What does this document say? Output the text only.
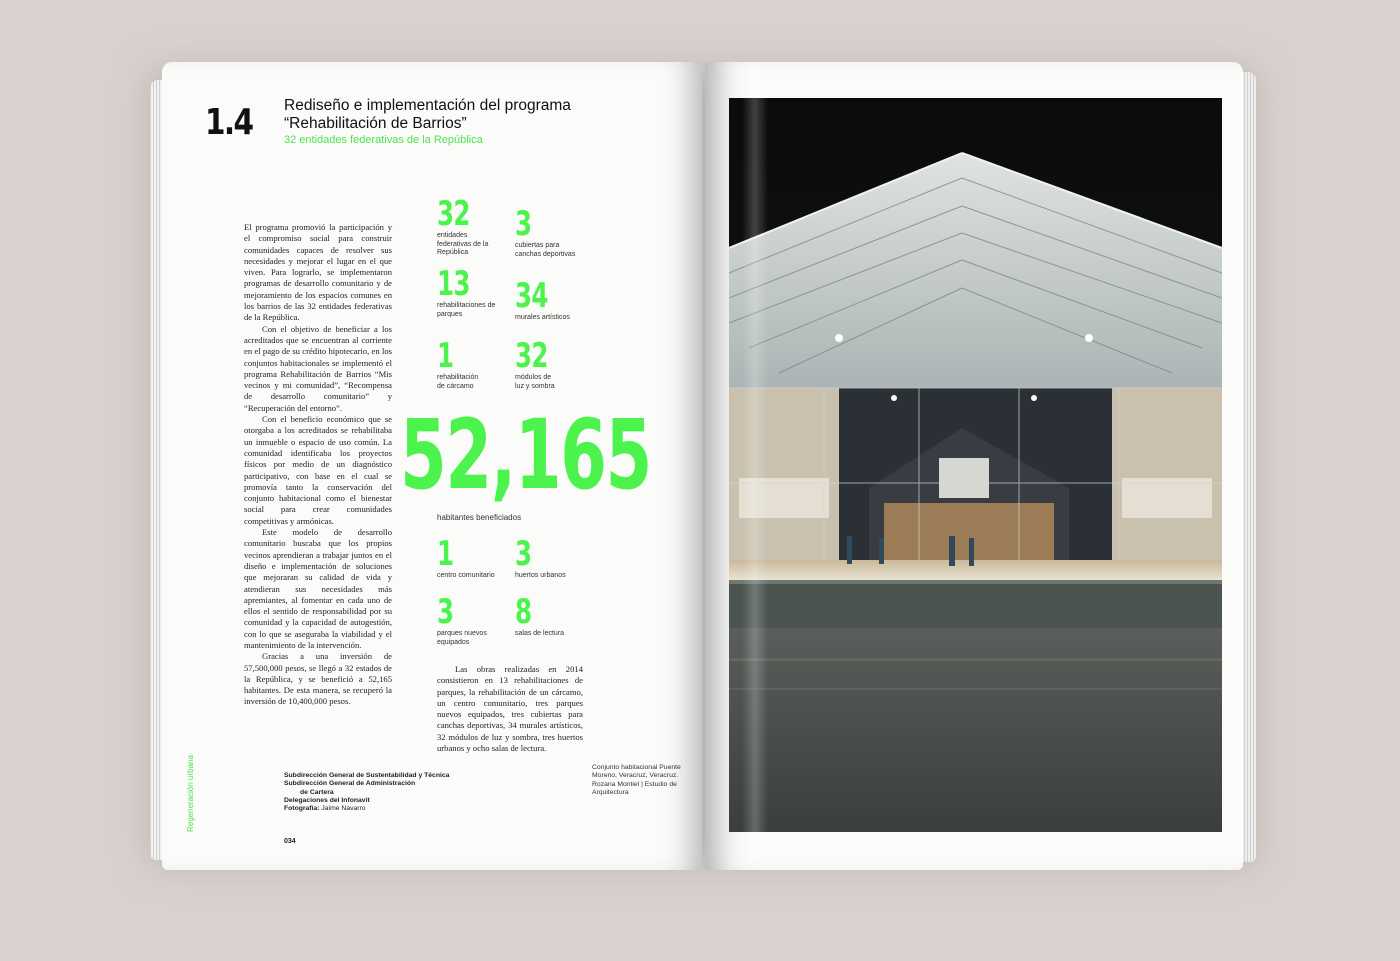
1.4 Rediseño e implementación del programa
“Rehabilitación de Barrios”
32 entidades federativas de la República

El programa promovió la participación y el compromiso social para construir comunidades capaces de resolver sus necesidades y mejorar el lugar en el que viven. Para lograrlo, se implementaron programas de desarrollo comunitario y de mejoramiento de los espacios comunes en los barrios de las 32 entidades federativas de la República.

Con el objetivo de beneficiar a los acreditados que se encuentran al corriente en el pago de su crédito hipotecario, en los conjuntos habitacionales se implementó el programa Rehabilitación de Barrios “Mis vecinos y mi comunidad”, “Recompensa de desarrollo comunitario” y “Recuperación del entorno”.

Con el beneficio económico que se otorgaba a los acreditados se rehabilitaba un inmueble o espacio de uso común. La comunidad identificaba los proyectos físicos por medio de un diagnóstico participativo, con base en el cual se promovía tanto la conservación del conjunto habitacional como el bienestar social para crear comunidades competitivas y armónicas.

Este modelo de desarrollo comunitario buscaba que los propios vecinos aprendieran a trabajar juntos en el diseño e implementación de soluciones que mejoraran su calidad de vida y atendieran sus necesidades más apremiantes, al fomentar en cada uno de ellos el sentido de responsabilidad por su comunidad y la capacidad de autogestión, con lo que se aseguraba la viabilidad y el mantenimiento de la intervención.

Gracias a una inversión de 57,500,000 pesos, se llegó a 32 estados de la República, y se benefició a 52,165 habitantes. De esta manera, se recuperó la inversión de 10,400,000 pesos.

32
entidades federativas de la República
3
cubiertas para canchas deportivas
13
rehabilitaciones de parques	34
murales artísticos
1
rehabilitación de cárcamo
32
módulos de luz y sombra
52,165
habitantes beneficiados
1
centro comunitario
3
huertos urbanos
3
parques nuevos equipados
8
salas de lectura
Las obras realizadas en 2014 consistieron en 13 rehabilitaciones de parques, la rehabilitación de un cárcamo, un centro comunitario, tres parques nuevos equipados, tres cubiertas para canchas deportivas, 34 murales artísticos, 32 módulos de luz y sombra, tres huertos urbanos y ocho salas de lectura.
Regeneración urbana	Subdirección General de Sustentabilidad y Técnica
Subdirección General de Administración
de Cartera
Delegaciones del Infonavit
Fotografía: Jaime Navarro
Conjunto habitacional Puente Moreno, Veracruz, Veracruz. Rozana Montiel | Estudio de Arquitectura
034
